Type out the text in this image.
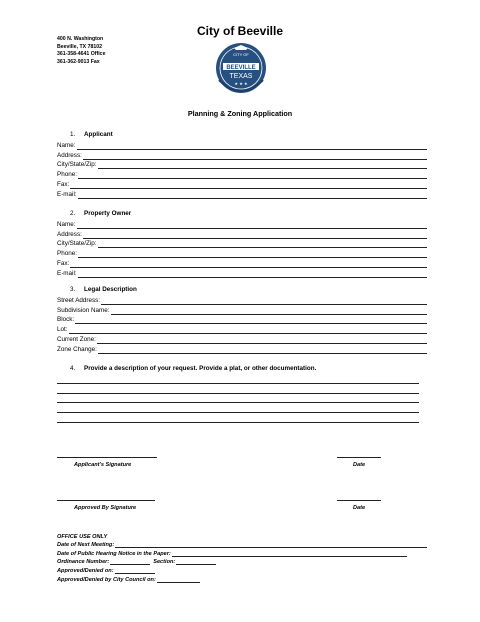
City of Beeville
400 N. Washington
Beeville, TX 78102
361-358-4641 Office
361-362-9013 Fax
CITY OF
BEEVILLE
TEXAS
★ ★ ★
Planning & Zoning Application
1. Applicant
Name:
Address:
City/State/Zip:
Phone:
Fax:
E-mail:
2. Property Owner
Name:
Address:
City/State/Zip:
Phone:
Fax:
E-mail:
3. Legal Description
Street Address:
Subdivision Name:
Block:
Lot:
Current Zone:
Zone Change:
4. Provide a description of your request. Provide a plat, or other documentation.
Applicant's Signature	Date
Approved By Signature	Date
OFFICE USE ONLY
Date of Next Meeting:
Date of Public Hearing Notice in the Paper:
Ordinance Number:	Section:
Approved/Denied on:
Approved/Denied by City Council on:
